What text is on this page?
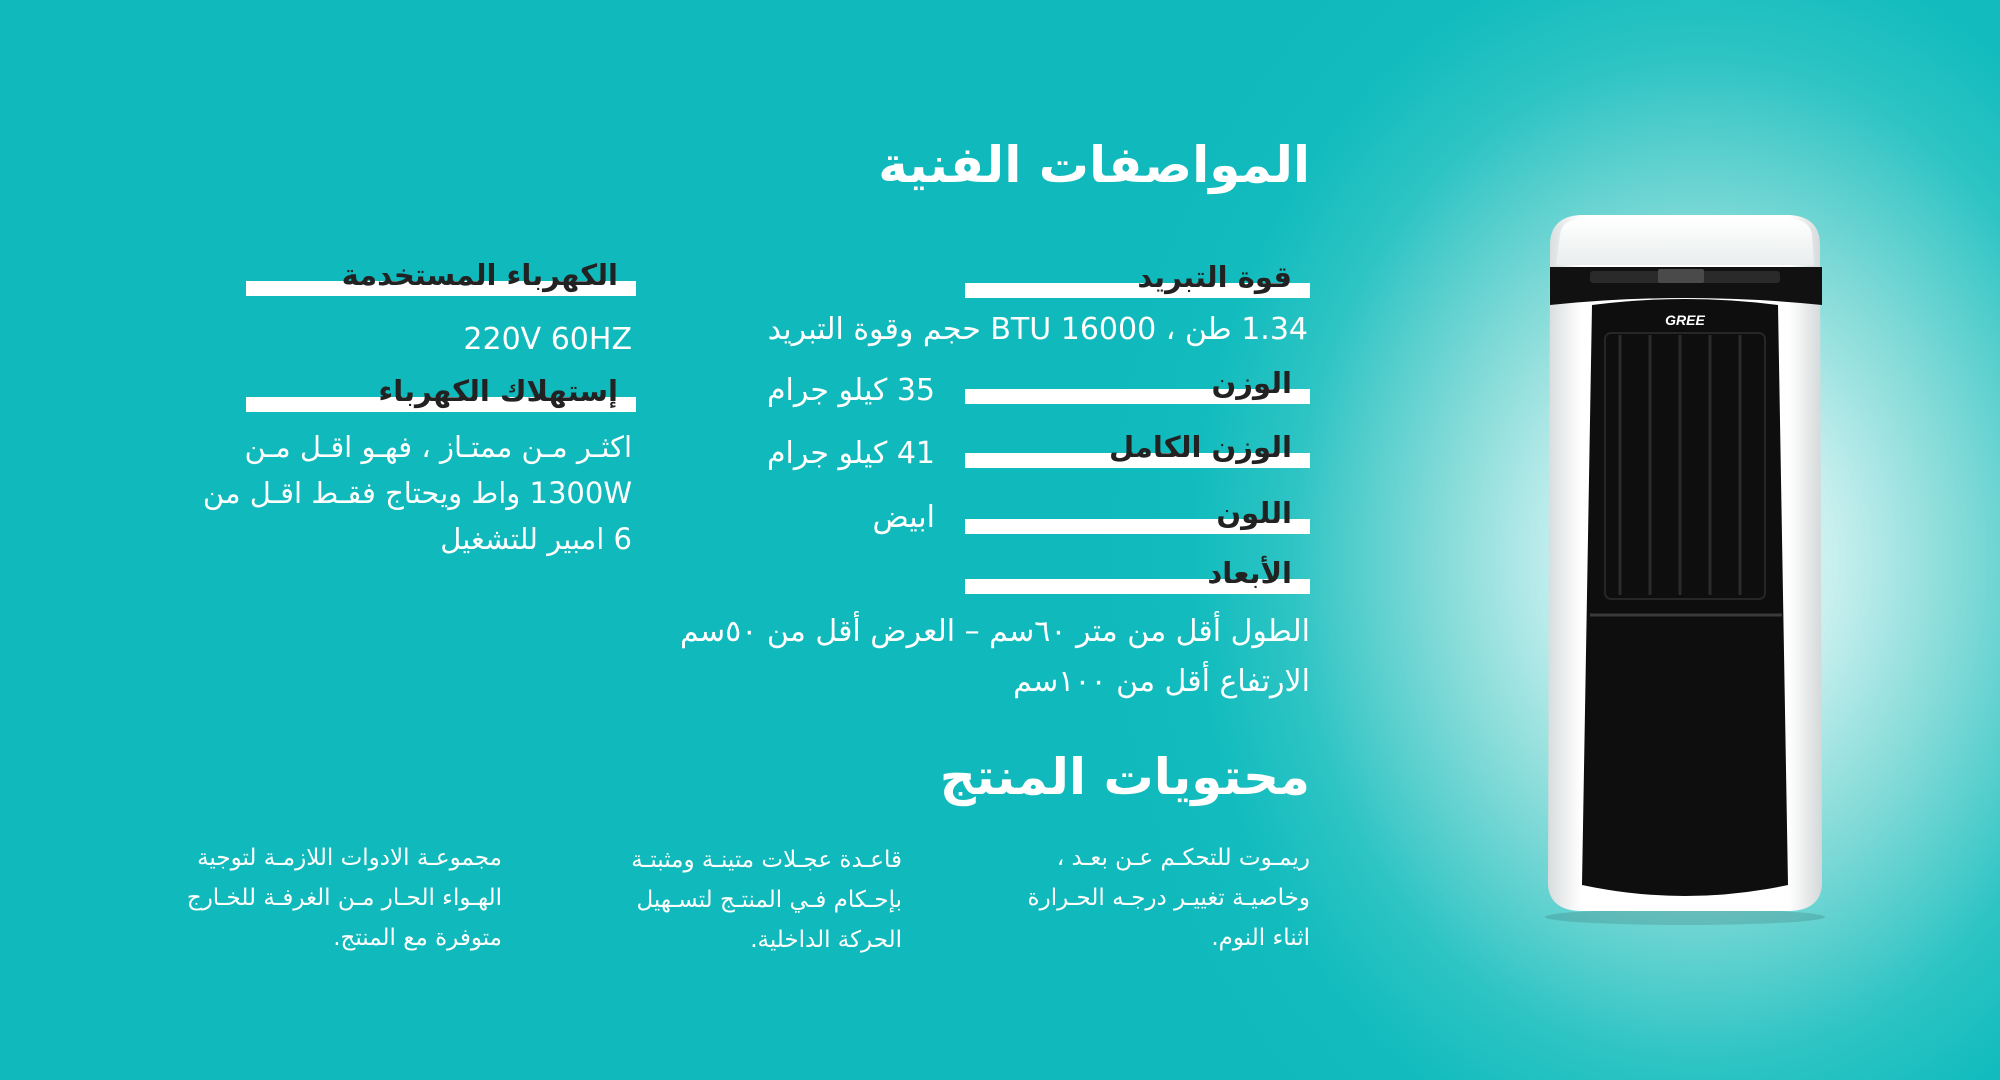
المواصفات الفنية
محتويات المنتج
قوة التبريد
1.34 طن ، 16000 BTU حجم وقوة التبريد
الوزن
35 كيلو جرام
الوزن الكامل
41 كيلو جرام
اللون
ابيض
الأبعاد
الطول أقل من متر ٦٠سم – العرض أقل من ٥٠سم
الارتفاع أقل من ١٠٠سم
الكهرباء المستخدمة
220V 60HZ
إستهلاك الكهرباء
اكثـر مـن ممتـاز ، فهـو اقـل مـن
1300W واط ويحتاج فقـط اقـل من
6 امبير للتشغيل
ريمـوت للتحكـم عـن بعـد ،
وخاصيـة تغييـر درجـه الحـرارة
اثناء النوم.
قاعـدة عجـلات متينـة ومثبتـة
بإحـكام فـي المنتـج لتسـهيل
الحركة الداخلية.
مجموعـة الادوات اللازمـة لتوجية
الهـواء الحـار مـن الغرفـة للخـارج
متوفرة مع المنتج.
GREE
